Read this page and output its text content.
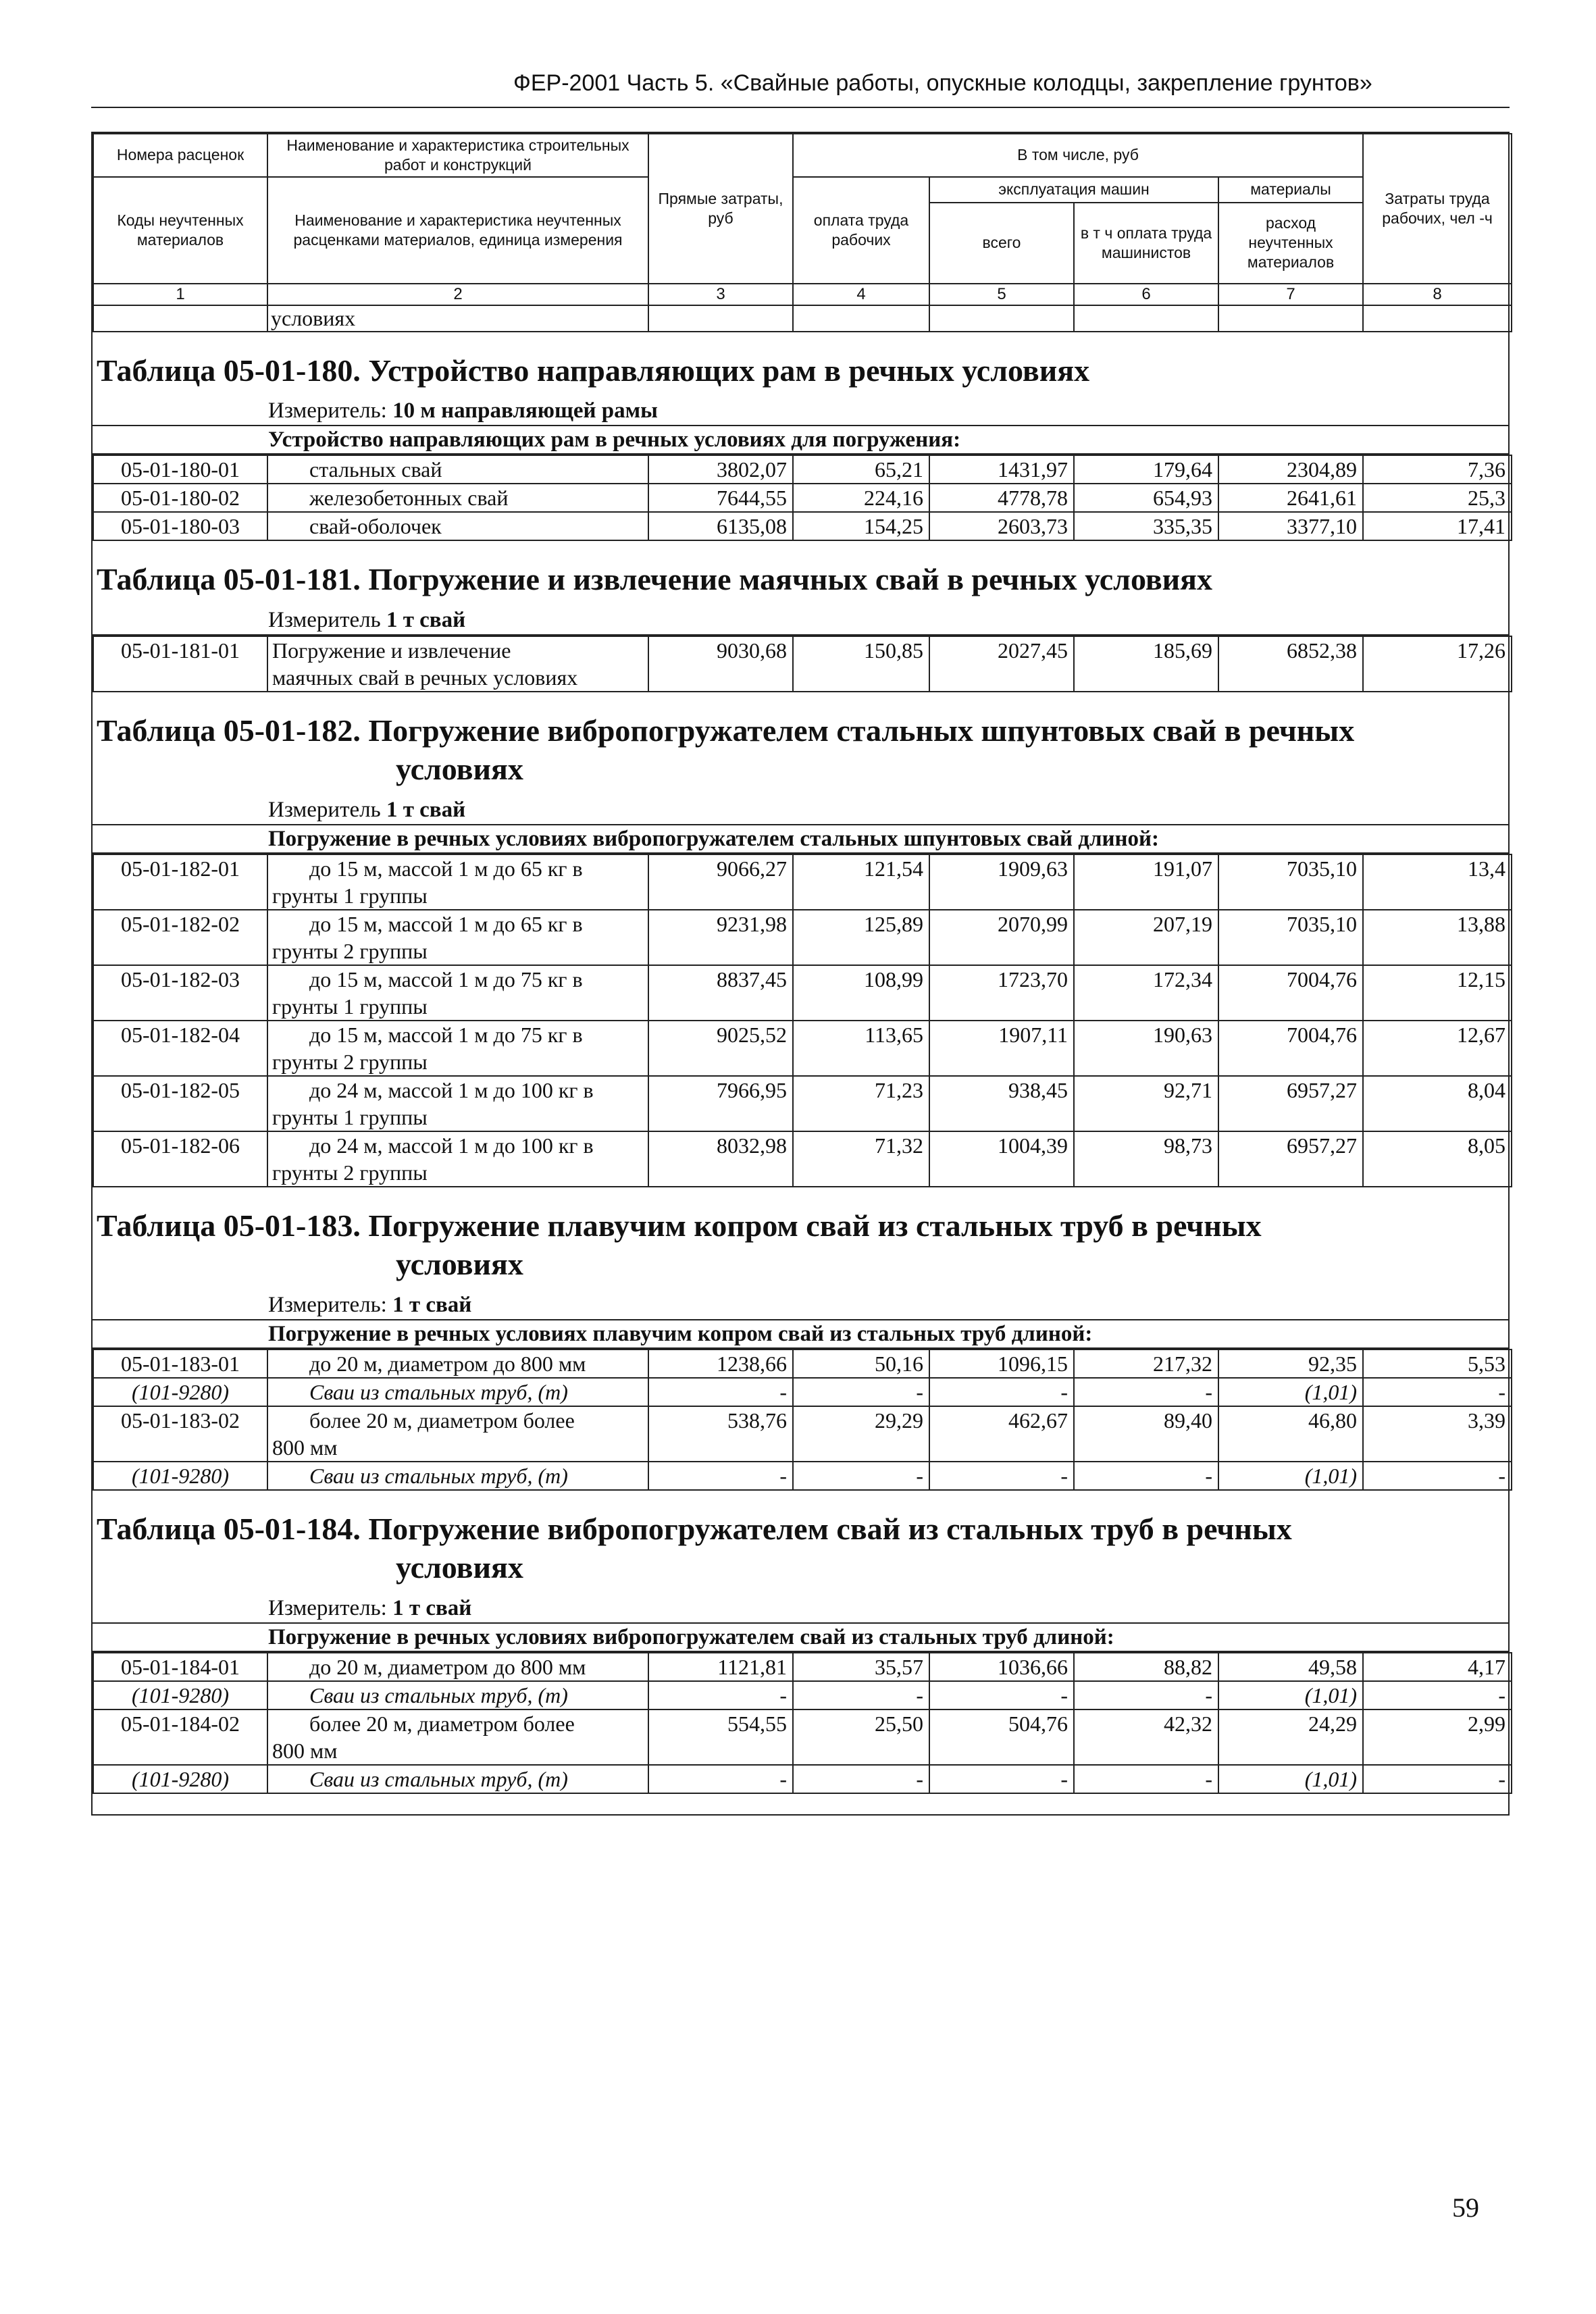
ФЕР-2001 Часть 5. «Свайные работы, опускные колодцы, закрепление грунтов»
Номера расценок	Наименование и характеристика строительных работ и конструкций	Прямые затраты, руб	В том числе, руб				Затраты труда рабочих, чел -ч
Коды неучтенных материалов	Наименование и характеристика неучтенных расценками материалов, единица измерения		оплата труда рабочих	эксплуатация машин		материалы	
				всего	в т ч оплата труда машинистов	расход неучтенных материалов	
1	2	3	4	5	6	7	8
	условиях						
Таблица 05-01-180. Устройство направляющих рам в речных условиях
Измеритель: 10 м направляющей рамы
Устройство направляющих рам в речных условиях для погружения:
05-01-180-01	стальных свай	3802,07	65,21	1431,97	179,64	2304,89	7,36
05-01-180-02	железобетонных свай	7644,55	224,16	4778,78	654,93	2641,61	25,3
05-01-180-03	свай-оболочек	6135,08	154,25	2603,73	335,35	3377,10	17,41
Таблица 05-01-181. Погружение и извлечение маячных свай в речных условиях
Измеритель 1 т свай
05-01-181-01	Погружение и извлечение
маячных свай в речных условиях
	9030,68	150,85	2027,45	185,69	6852,38	17,26
Таблица 05-01-182. Погружение вибропогружателем стальных шпунтовых свай в речных
условиях
Измеритель 1 т свай
Погружение в речных условиях вибропогружателем стальных шпунтовых свай длиной:
05-01-182-01	до 15 м, массой 1 м до 65 кг в
грунты 1 группы	9066,27	121,54	1909,63	191,07	7035,10	13,4
05-01-182-02	до 15 м, массой 1 м до 65 кг в
грунты 2 группы	9231,98	125,89	2070,99	207,19	7035,10	13,88
05-01-182-03	до 15 м, массой 1 м до 75 кг в
грунты 1 группы	8837,45	108,99	1723,70	172,34	7004,76	12,15
05-01-182-04	до 15 м, массой 1 м до 75 кг в
грунты 2 группы	9025,52	113,65	1907,11	190,63	7004,76	12,67
05-01-182-05	до 24 м, массой 1 м до 100 кг в
грунты 1 группы	7966,95	71,23	938,45	92,71	6957,27	8,04
05-01-182-06	до 24 м, массой 1 м до 100 кг в
грунты 2 группы	8032,98	71,32	1004,39	98,73	6957,27	8,05
Таблица 05-01-183. Погружение плавучим копром свай из стальных труб в речных
условиях
Измеритель: 1 т свай
Погружение в речных условиях плавучим копром свай из стальных труб длиной:
05-01-183-01	до 20 м, диаметром до 800 мм	1238,66	50,16	1096,15	217,32	92,35	5,53
(101-9280)	Сваи из стальных труб, (т)	-	-	-	-	(1,01)	-
05-01-183-02	более 20 м, диаметром более
800 мм	538,76	29,29	462,67	89,40	46,80	3,39
(101-9280)	Сваи из стальных труб, (т)	-	-	-	-	(1,01)	-
Таблица 05-01-184. Погружение вибропогружателем свай из стальных труб в речных
условиях
Измеритель: 1 т свай
Погружение в речных условиях вибропогружателем свай из стальных труб длиной:
05-01-184-01	до 20 м, диаметром до 800 мм	1121,81	35,57	1036,66	88,82	49,58	4,17
(101-9280)	Сваи из стальных труб, (т)	-	-	-	-	(1,01)	-
05-01-184-02	более 20 м, диаметром более
800 мм	554,55	25,50	504,76	42,32	24,29	2,99
(101-9280)	Сваи из стальных труб, (т)	-	-	-	-	(1,01)	-
59
